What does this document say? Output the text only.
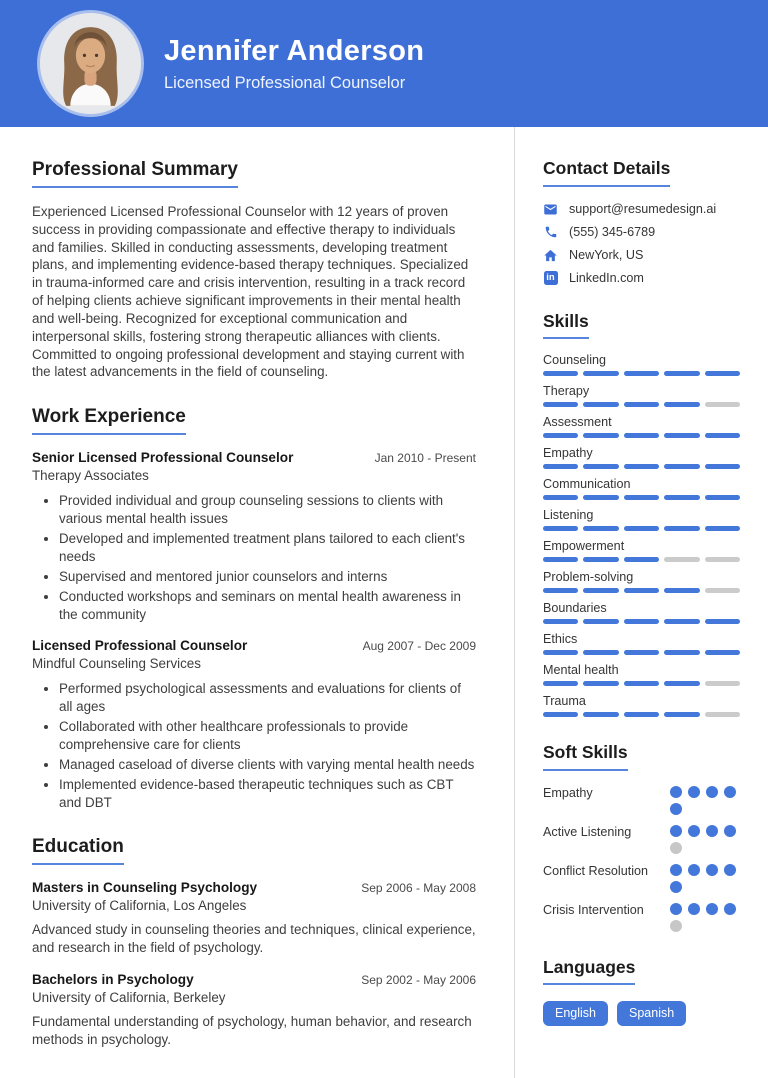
Jennifer Anderson
Licensed Professional Counselor
Professional Summary

Experienced Licensed Professional Counselor with 12 years of proven success in providing compassionate and effective therapy to individuals and families. Skilled in conducting assessments, developing treatment plans, and implementing evidence-based therapy techniques. Specialized in trauma-informed care and crisis intervention, resulting in a track record of helping clients achieve significant improvements in their mental health and well-being. Recognized for exceptional communication and interpersonal skills, fostering strong therapeutic alliances with clients. Committed to ongoing professional development and staying current with the latest advancements in the field of counseling.

Work Experience
Senior Licensed Professional Counselor	Jan 2010 - Present
Therapy Associates
• Provided individual and group counseling sessions to clients with various mental health issues
• Developed and implemented treatment plans tailored to each client's needs
• Supervised and mentored junior counselors and interns
• Conducted workshops and seminars on mental health awareness in the community
Licensed Professional Counselor	Aug 2007 - Dec 2009
Mindful Counseling Services
• Performed psychological assessments and evaluations for clients of all ages
• Collaborated with other healthcare professionals to provide comprehensive care for clients
• Managed caseload of diverse clients with varying mental health needs
• Implemented evidence-based therapeutic techniques such as CBT and DBT
Education
Masters in Counseling Psychology	Sep 2006 - May 2008
University of California, Los Angeles
Advanced study in counseling theories and techniques, clinical experience, and research in the field of psychology.
Bachelors in Psychology	Sep 2002 - May 2006
University of California, Berkeley
Fundamental understanding of psychology, human behavior, and research methods in psychology.
Contact Details
support@resumedesign.ai
(555) 345-6789
NewYork, US
in LinkedIn.com
Skills
Counseling
Therapy
Assessment
Empathy
Communication
Listening
Empowerment
Problem-solving
Boundaries
Ethics
Mental health
Trauma
Soft Skills
Empathy
Active Listening
Conflict Resolution
Crisis Intervention
Languages
English	Spanish
